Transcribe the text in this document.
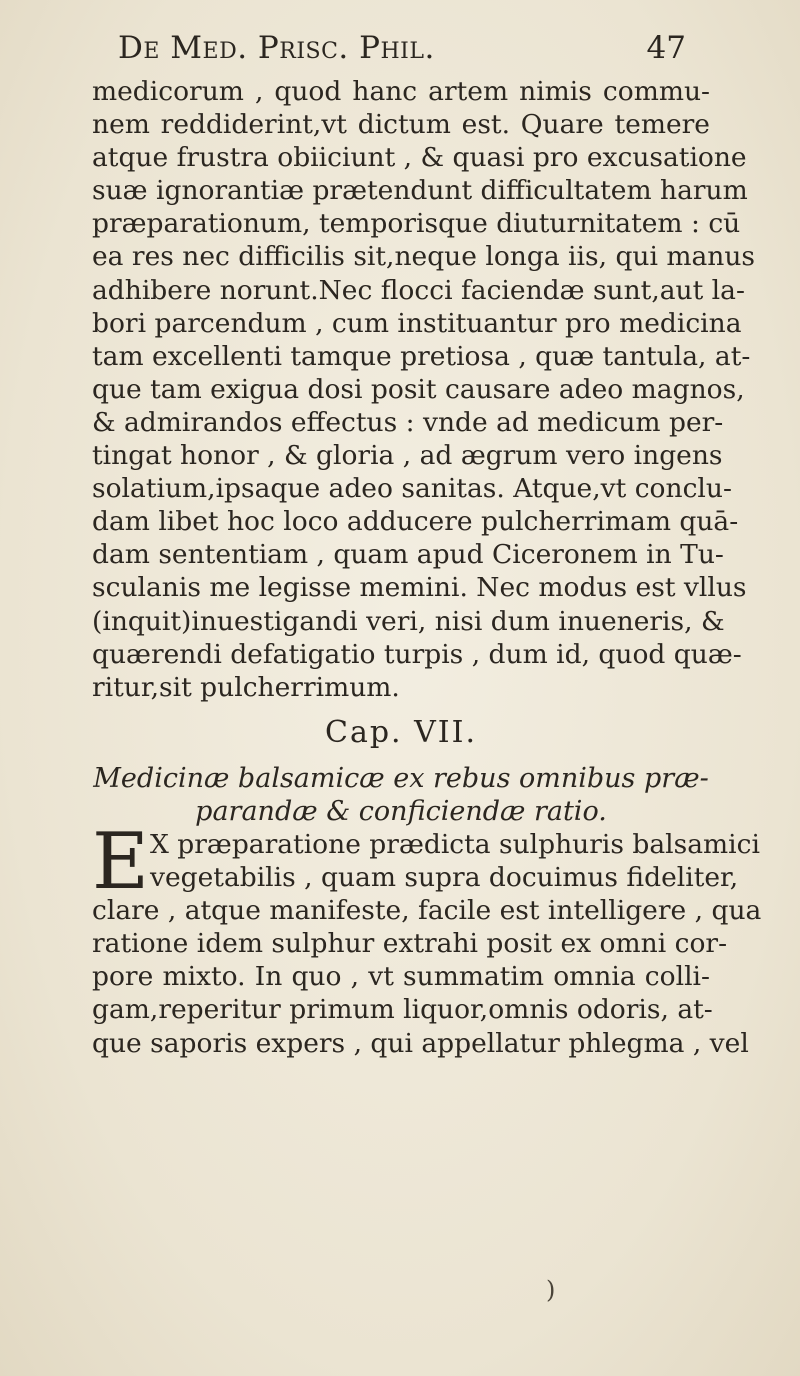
De Med. Prisc. Phil.	47
medicorum , quod hanc artem nimis commu-
nem reddiderint,vt dictum est. Quare temere
atque frustra obiiciunt , & quasi pro excusatione
suæ ignorantiæ prætendunt difficultatem harum
præparationum, temporisque diuturnitatem : cū
ea res nec difficilis sit,neque longa iis, qui manus
adhibere norunt.Nec flocci faciendæ sunt,aut la-
bori parcendum , cum instituantur pro medicina
tam excellenti tamque pretiosa , quæ tantula, at-
que tam exigua dosi posit causare adeo magnos,
& admirandos effectus : vnde ad medicum per-
tingat honor , & gloria , ad ægrum vero ingens
solatium,ipsaque adeo sanitas. Atque,vt conclu-
dam libet hoc loco adducere pulcherrimam quā-
dam sententiam , quam apud Ciceronem in Tu-
sculanis me legisse memini. Nec modus est vllus
(inquit)inuestigandi veri, nisi dum inueneris, &
quærendi defatigatio turpis , dum id, quod quæ-
ritur,sit pulcherrimum.
Cap. VII.
Medicinæ balsamicæ ex rebus omnibus præ-
parandæ & conficiendæ ratio.
E X præparatione prædicta sulphuris balsamici
vegetabilis , quam supra docuimus fideliter,
clare , atque manifeste, facile est intelligere , qua
ratione idem sulphur extrahi posit ex omni cor-
pore mixto. In quo , vt summatim omnia colli-
gam,reperitur primum liquor,omnis odoris, at-
que saporis expers , qui appellatur phlegma , vel
)
